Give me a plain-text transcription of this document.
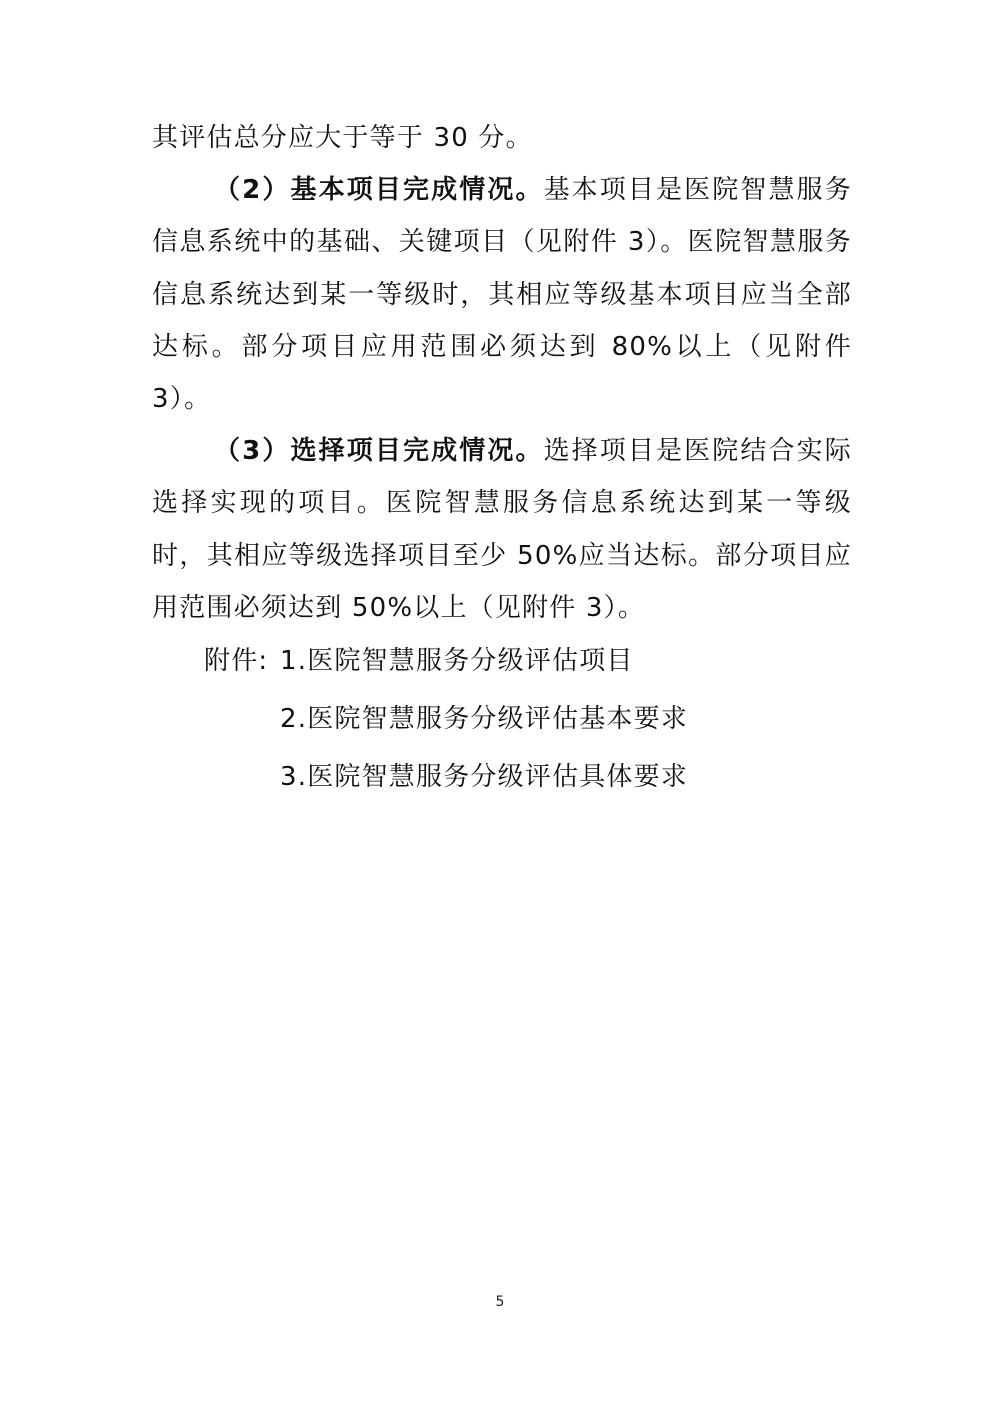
其评估总分应大于等于 30 分。

（2）基本项目完成情况。基本项目是医院智慧服务信息系统中的基础、关键项目（见附件 3）。医院智慧服务信息系统达到某一等级时，其相应等级基本项目应当全部达标。部分项目应用范围必须达到 80%以上（见附件 3）。

（3）选择项目完成情况。选择项目是医院结合实际选择实现的项目。医院智慧服务信息系统达到某一等级时，其相应等级选择项目至少 50%应当达标。部分项目应用范围必须达到 50%以上（见附件 3）。

附件: 1.医院智慧服务分级评估项目
2.医院智慧服务分级评估基本要求
3.医院智慧服务分级评估具体要求
5
